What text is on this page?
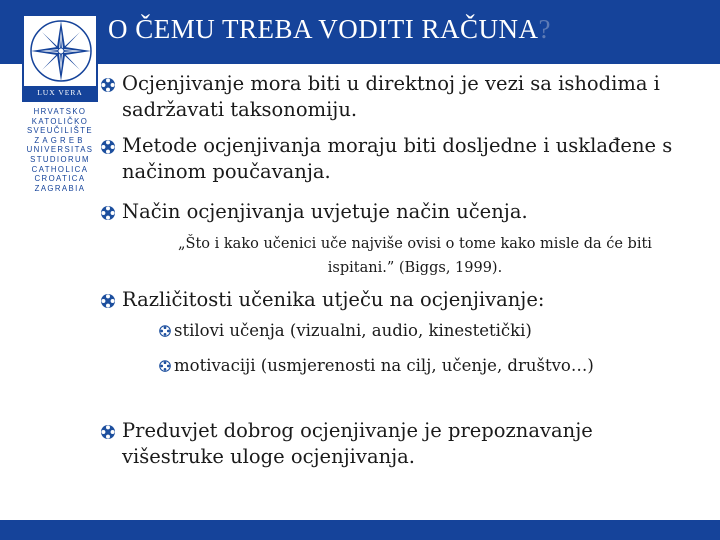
O ČEMU TREBA VODITI RAČUNA?
LUX VERA
HRVATSKO
KATOLIČKO
SVEUČILIŠTE
ZAGREB
UNIVERSITAS
STUDIORUM
CATHOLICA
CROATICA
ZAGRABIA
Ocjenjivanje mora biti u direktnoj je vezi sa ishodima i
sadržavati taksonomiju.
Metode ocjenjivanja moraju biti dosljedne i usklađene s
načinom poučavanja.
Način ocjenjivanja uvjetuje način učenja.
„Što i kako učenici uče najviše ovisi o tome kako misle da će biti
ispitani.” (Biggs, 1999).
Različitosti učenika utječu na ocjenjivanje:
stilovi učenja (vizualni, audio, kinestetički)
motivaciji (usmjerenosti na cilj, učenje, društvo…)
Preduvjet dobrog ocjenjivanje je prepoznavanje
višestruke uloge ocjenjivanja.
